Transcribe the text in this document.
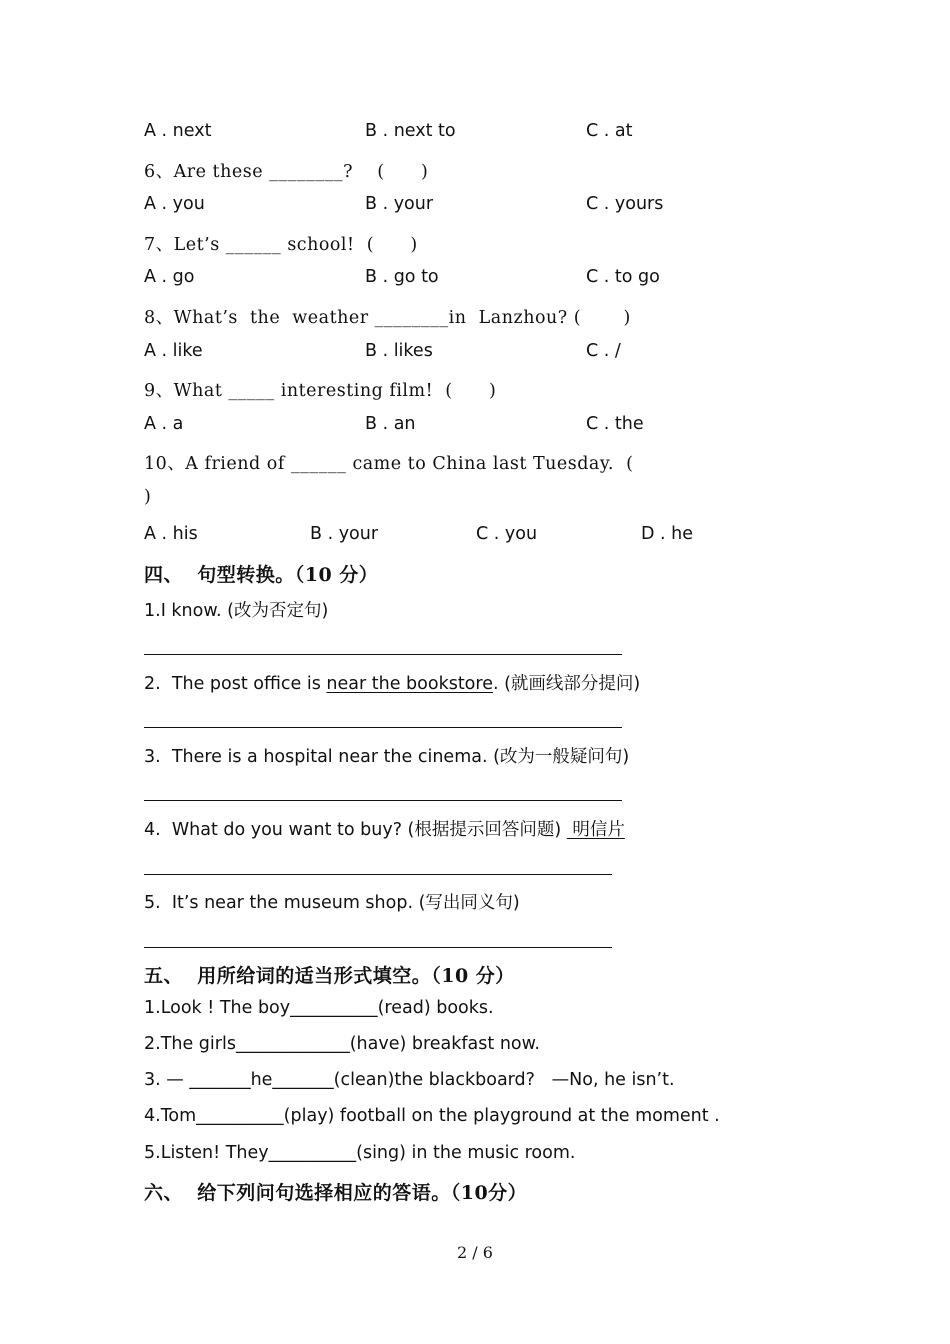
A . next	B . next to	C . at
6、Are these ________?    (      )
A . you	B . your	C . yours
7、Let’s ______ school!  (      )
A . go	B . go to	C . to go
8、What’s  the  weather ________in  Lanzhou? (       )
A . like	B . likes	C . /
9、What _____ interesting film!  (      )
A . a	B . an	C . the
10、A friend of ______ came to China last Tuesday.  (
)
A . his	B . your	C . you	D . he
四、  句型转换。（10 分）
1.I know. (改为否定句)
2.  The post office is near the bookstore. (就画线部分提问)
3.  There is a hospital near the cinema. (改为一般疑问句)
4.  What do you want to buy? (根据提示回答问题)  明信片
5.  It’s near the museum shop. (写出同义句)
五、  用所给词的适当形式填空。（10 分）
1.Look ! The boy__________(read) books.
2.The girls_____________(have) breakfast now.
3. — _______he_______(clean)the blackboard?   —No, he isn’t.
4.Tom__________(play) football on the playground at the moment .
5.Listen! They__________(sing) in the music room.
六、  给下列问句选择相应的答语。（10分）
2 / 6
